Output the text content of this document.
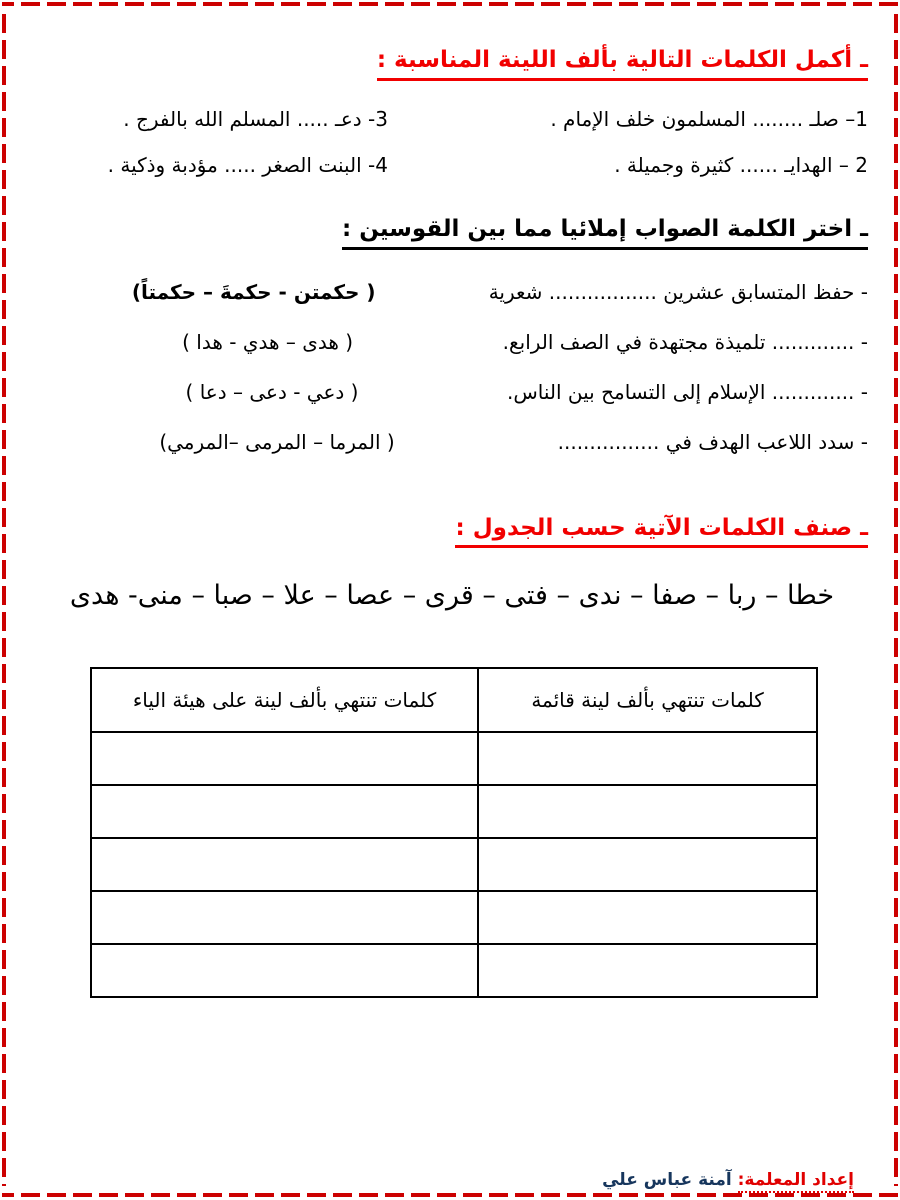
ـ أكمل الكلمات التالية بألف اللينة المناسبة :
1– صلـ ........ المسلمون خلف الإمام .
3- دعـ ..... المسلم الله بالفرج .
2 – الهدايـ ...... كثيرة وجميلة .
4- البنت الصغر ..... مؤدبة وذكية .
ـ اختر الكلمة الصواب إملائيا مما بين القوسين :
- حفظ المتسابق عشرين ................. شعرية
( حكمتن - حكمةَ – حكمتاً)
- ............. تلميذة مجتهدة في الصف الرابع.
( هدى – هدي - هدا )
- ............. الإسلام إلى التسامح بين الناس.
( دعي - دعى – دعا )
- سدد اللاعب الهدف في ................
( المرما – المرمى –المرمي)
ـ صنف الكلمات الآتية حسب الجدول :
خطا – ربا – صفا – ندى – فتى – قرى – عصا – علا – صبا – منى- هدى
كلمات تنتهي بألف لينة قائمة	كلمات تنتهي بألف لينة على هيئة الياء

إعداد المعلمة: آمنة عباس علي
